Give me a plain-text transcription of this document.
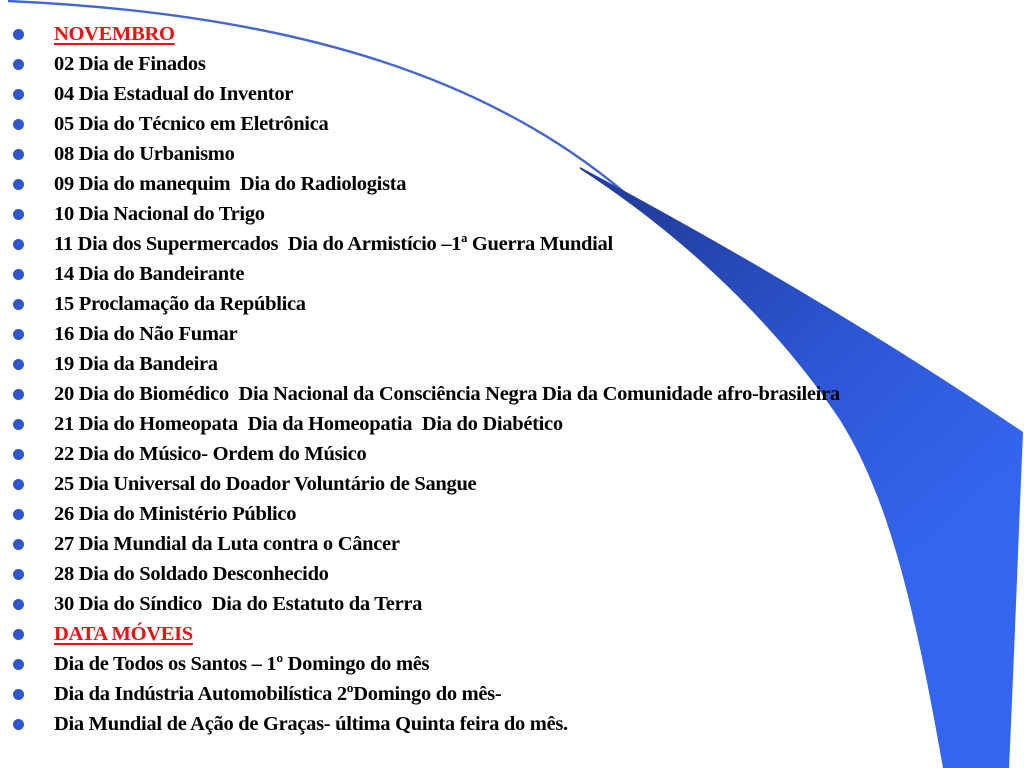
NOVEMBRO
02 Dia de Finados
04 Dia Estadual do Inventor
05 Dia do Técnico em Eletrônica
08 Dia do Urbanismo
09 Dia do manequim  Dia do Radiologista
10 Dia Nacional do Trigo
11 Dia dos Supermercados  Dia do Armistício –1ª Guerra Mundial
14 Dia do Bandeirante
15 Proclamação da República
16 Dia do Não Fumar
19 Dia da Bandeira
20 Dia do Biomédico  Dia Nacional da Consciência Negra Dia da Comunidade afro-brasileira
21 Dia do Homeopata  Dia da Homeopatia  Dia do Diabético
22 Dia do Músico- Ordem do Músico
25 Dia Universal do Doador Voluntário de Sangue
26 Dia do Ministério Público
27 Dia Mundial da Luta contra o Câncer
28 Dia do Soldado Desconhecido
30 Dia do Síndico  Dia do Estatuto da Terra
DATA MÓVEIS
Dia de Todos os Santos – 1º Domingo do mês
Dia da Indústria Automobilística 2ºDomingo do mês-
Dia Mundial de Ação de Graças- última Quinta feira do mês.
